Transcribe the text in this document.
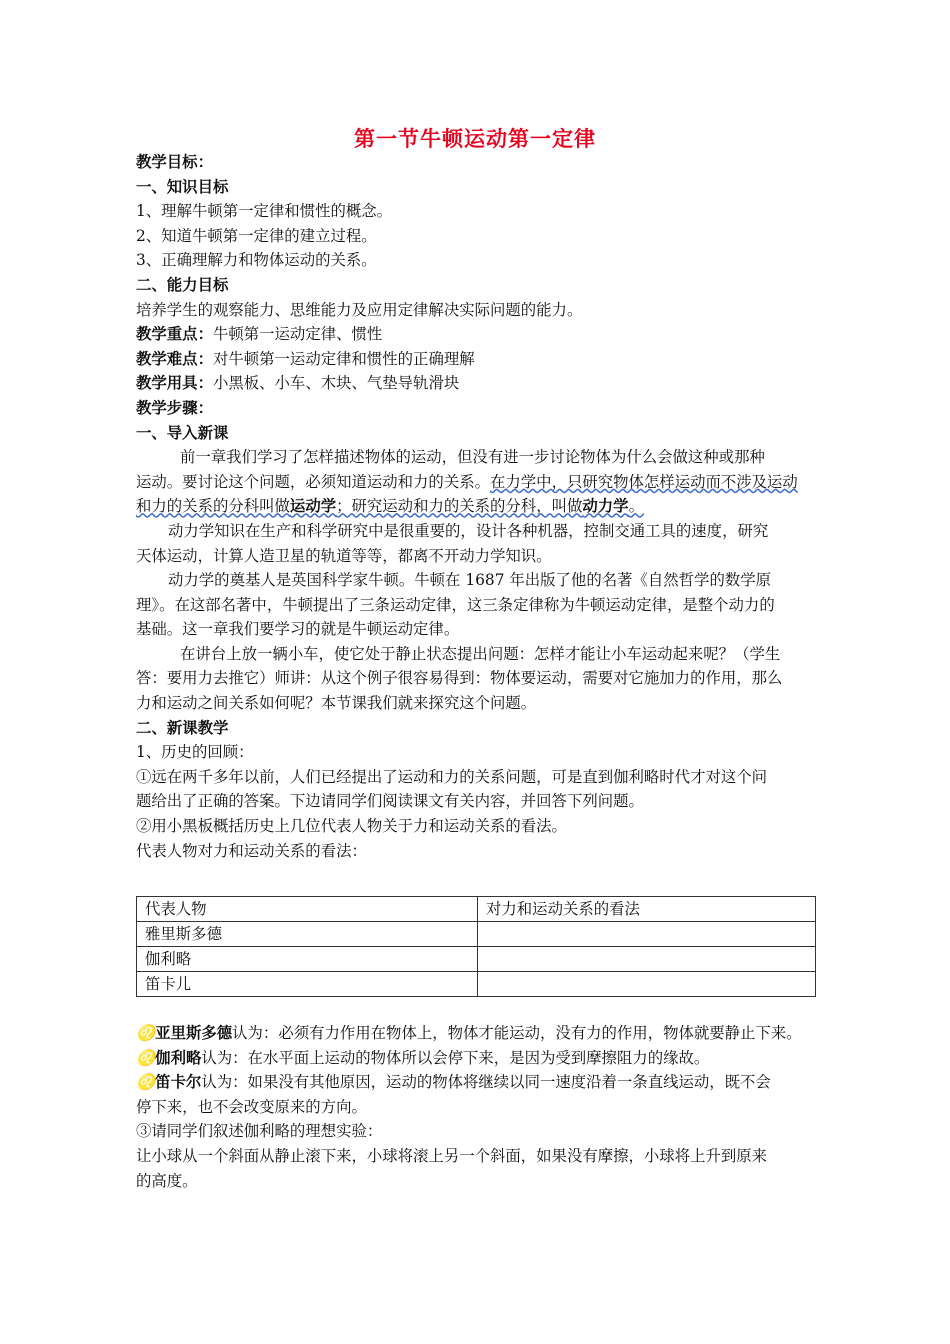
第一节牛顿运动第一定律
教学目标：
一、知识目标
1、理解牛顿第一定律和惯性的概念。
2、知道牛顿第一定律的建立过程。
3、正确理解力和物体运动的关系。
二、能力目标
培养学生的观察能力、思维能力及应用定律解决实际问题的能力。
教学重点：牛顿第一运动定律、惯性
教学难点：对牛顿第一运动定律和惯性的正确理解
教学用具：小黑板、小车、木块、气垫导轨滑块
教学步骤：
一、导入新课
前一章我们学习了怎样描述物体的运动，但没有进一步讨论物体为什么会做这种或那种
运动。要讨论这个问题，必须知道运动和力的关系。在力学中，只研究物体怎样运动而不涉及运动
和力的关系的分科叫做运动学；研究运动和力的关系的分科，叫做动力学。
动力学知识在生产和科学研究中是很重要的，设计各种机器，控制交通工具的速度，研究
天体运动，计算人造卫星的轨道等等，都离不开动力学知识。
动力学的奠基人是英国科学家牛顿。牛顿在 1687 年出版了他的名著《自然哲学的数学原
理》。在这部名著中，牛顿提出了三条运动定律，这三条定律称为牛顿运动定律，是整个动力的
基础。这一章我们要学习的就是牛顿运动定律。
在讲台上放一辆小车，使它处于静止状态提出问题：怎样才能让小车运动起来呢？（学生
答：要用力去推它）师讲：从这个例子很容易得到：物体要运动，需要对它施加力的作用，那么
力和运动之间关系如何呢？本节课我们就来探究这个问题。
二、新课教学
1、历史的回顾：
①远在两千多年以前，人们已经提出了运动和力的关系问题，可是直到伽利略时代才对这个问
题给出了正确的答案。下边请同学们阅读课文有关内容，并回答下列问题。
②用小黑板概括历史上几位代表人物关于力和运动关系的看法。
代表人物对力和运动关系的看法：
代表人物	对力和运动关系的看法
雅里斯多德	
伽利略	
笛卡儿	
♌亚里斯多德认为：必须有力作用在物体上，物体才能运动，没有力的作用，物体就要静止下来。
♌伽利略认为：在水平面上运动的物体所以会停下来，是因为受到摩擦阻力的缘故。
♌笛卡尔认为：如果没有其他原因，运动的物体将继续以同一速度沿着一条直线运动，既不会
停下来，也不会改变原来的方向。
③请同学们叙述伽利略的理想实验：
让小球从一个斜面从静止滚下来，小球将滚上另一个斜面，如果没有摩擦，小球将上升到原来
的高度。
